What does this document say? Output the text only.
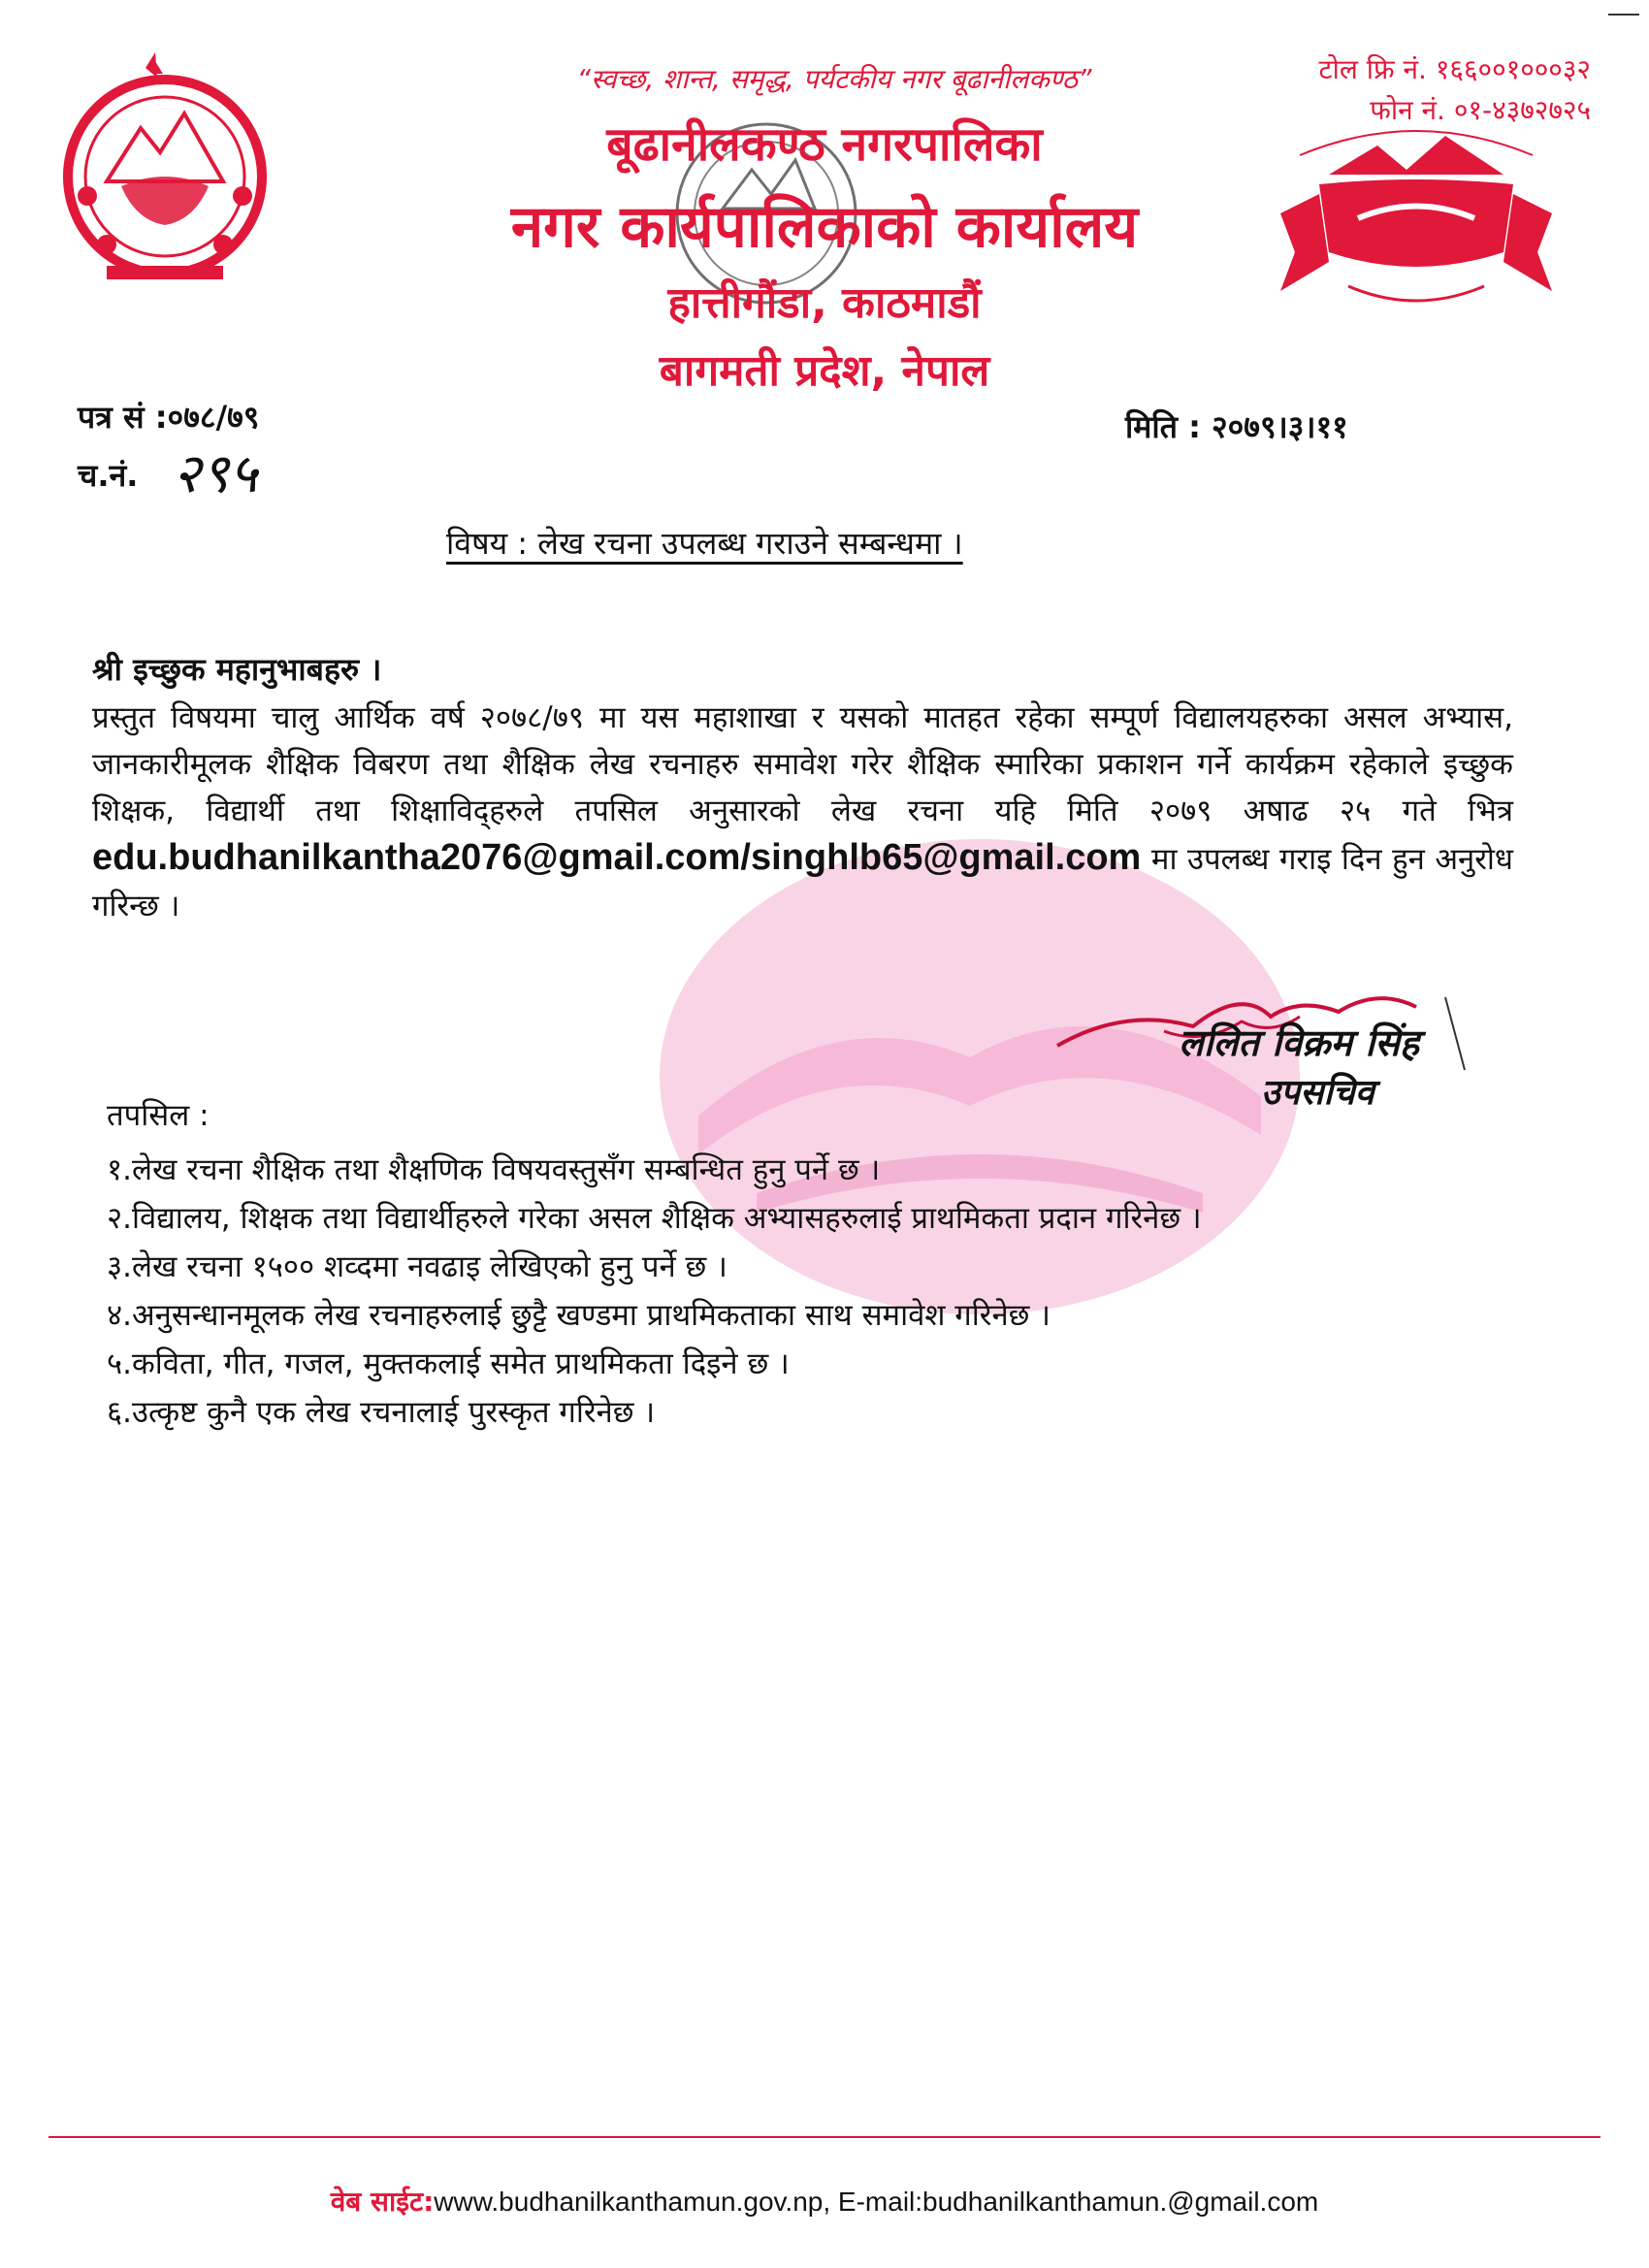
“स्वच्छ, शान्त, समृद्ध, पर्यटकीय नगर बूढानीलकण्ठ”
बूढानीलकण्ठ नगरपालिका
नगर कार्यपालिकाको कार्यालय
हात्तीगौंडा, काठमाडौं
बागमती प्रदेश, नेपाल
टोल फ्रि नं. १६६००१०००३२
फोन नं. ०१-४३७२७२५
पत्र सं :०७८/७९
च.नं. २९५
मिति : २०७९।३।११
विषय : लेख रचना उपलब्ध गराउने सम्बन्धमा ।
श्री इच्छुक महानुभाबहरु ।

प्रस्तुत विषयमा चालु आर्थिक वर्ष २०७८/७९ मा यस महाशाखा र यसको मातहत रहेका सम्पूर्ण विद्यालयहरुका असल अभ्यास, जानकारीमूलक शैक्षिक विबरण तथा शैक्षिक लेख रचनाहरु समावेश गरेर शैक्षिक स्मारिका प्रकाशन गर्ने कार्यक्रम रहेकाले इच्छुक शिक्षक, विद्यार्थी तथा शिक्षाविद्हरुले तपसिल अनुसारको लेख रचना यहि मिति २०७९ अषाढ २५ गते भित्र edu.budhanilkantha2076@gmail.com/singhlb65@gmail.com मा उपलब्ध गराइ दिन हुन अनुरोध गरिन्छ ।

ललित विक्रम सिंह
उपसचिव
तपसिल :
१.लेख रचना शैक्षिक तथा शैक्षणिक विषयवस्तुसँग सम्बन्धित हुनु पर्ने छ ।
२.विद्यालय, शिक्षक तथा विद्यार्थीहरुले गरेका असल शैक्षिक अभ्यासहरुलाई प्राथमिकता प्रदान गरिनेछ ।
३.लेख रचना १५०० शव्दमा नवढाइ लेखिएको हुनु पर्ने छ ।
४.अनुसन्धानमूलक लेख रचनाहरुलाई छुट्टै खण्डमा प्राथमिकताका साथ समावेश गरिनेछ ।
५.कविता, गीत, गजल, मुक्तकलाई समेत प्राथमिकता दिइने छ ।
६.उत्कृष्ट कुनै एक लेख रचनालाई पुरस्कृत गरिनेछ ।
वेब साईट:www.budhanilkanthamun.gov.np, E-mail:budhanilkanthamun.@gmail.com
